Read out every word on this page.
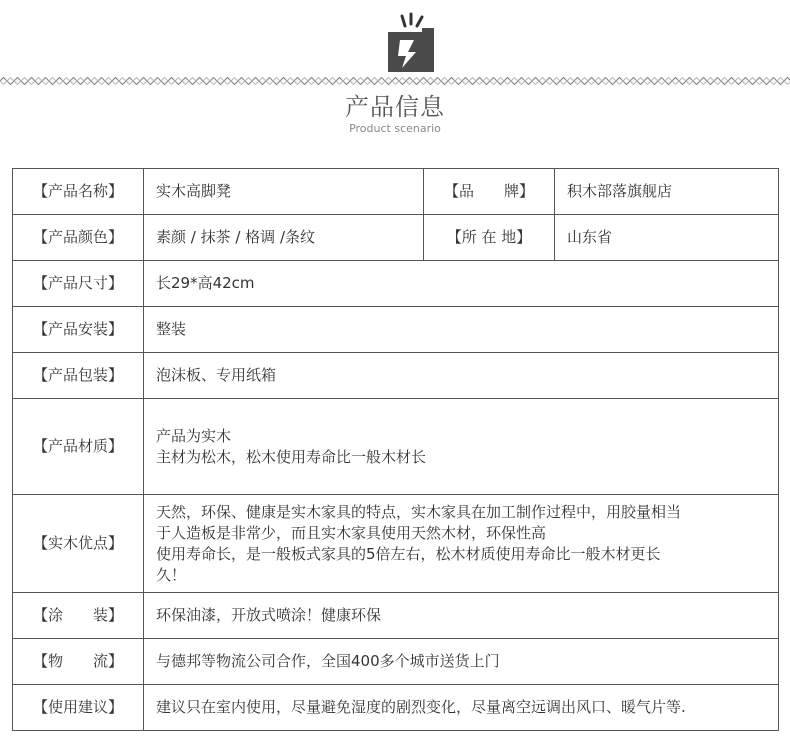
产品信息
Product scenario
【产品名称】	实木高脚凳	【品　　牌】	积木部落旗舰店
【产品颜色】	素颜 / 抹茶 / 格调 /条纹	【所 在 地】	山东省
【产品尺寸】	长29*高42cm		
【产品安装】	整装		
【产品包装】	泡沫板、专用纸箱		
【产品材质】	产品为实木
主材为松木，松木使用寿命比一般木材长		

【实木优点】	天然，环保、健康是实木家具的特点，实木家具在加工制作过程中，用胶量相当
于人造板是非常少，而且实木家具使用天然木材，环保性高
使用寿命长，是一般板式家具的5倍左右，松木材质使用寿命比一般木材更长
久！		

【涂　　装】	环保油漆，开放式喷涂！健康环保		
【物　　流】	与德邦等物流公司合作，全国400多个城市送货上门		
【使用建议】	建议只在室内使用，尽量避免湿度的剧烈变化，尽量离空远调出风口、暖气片等.		
